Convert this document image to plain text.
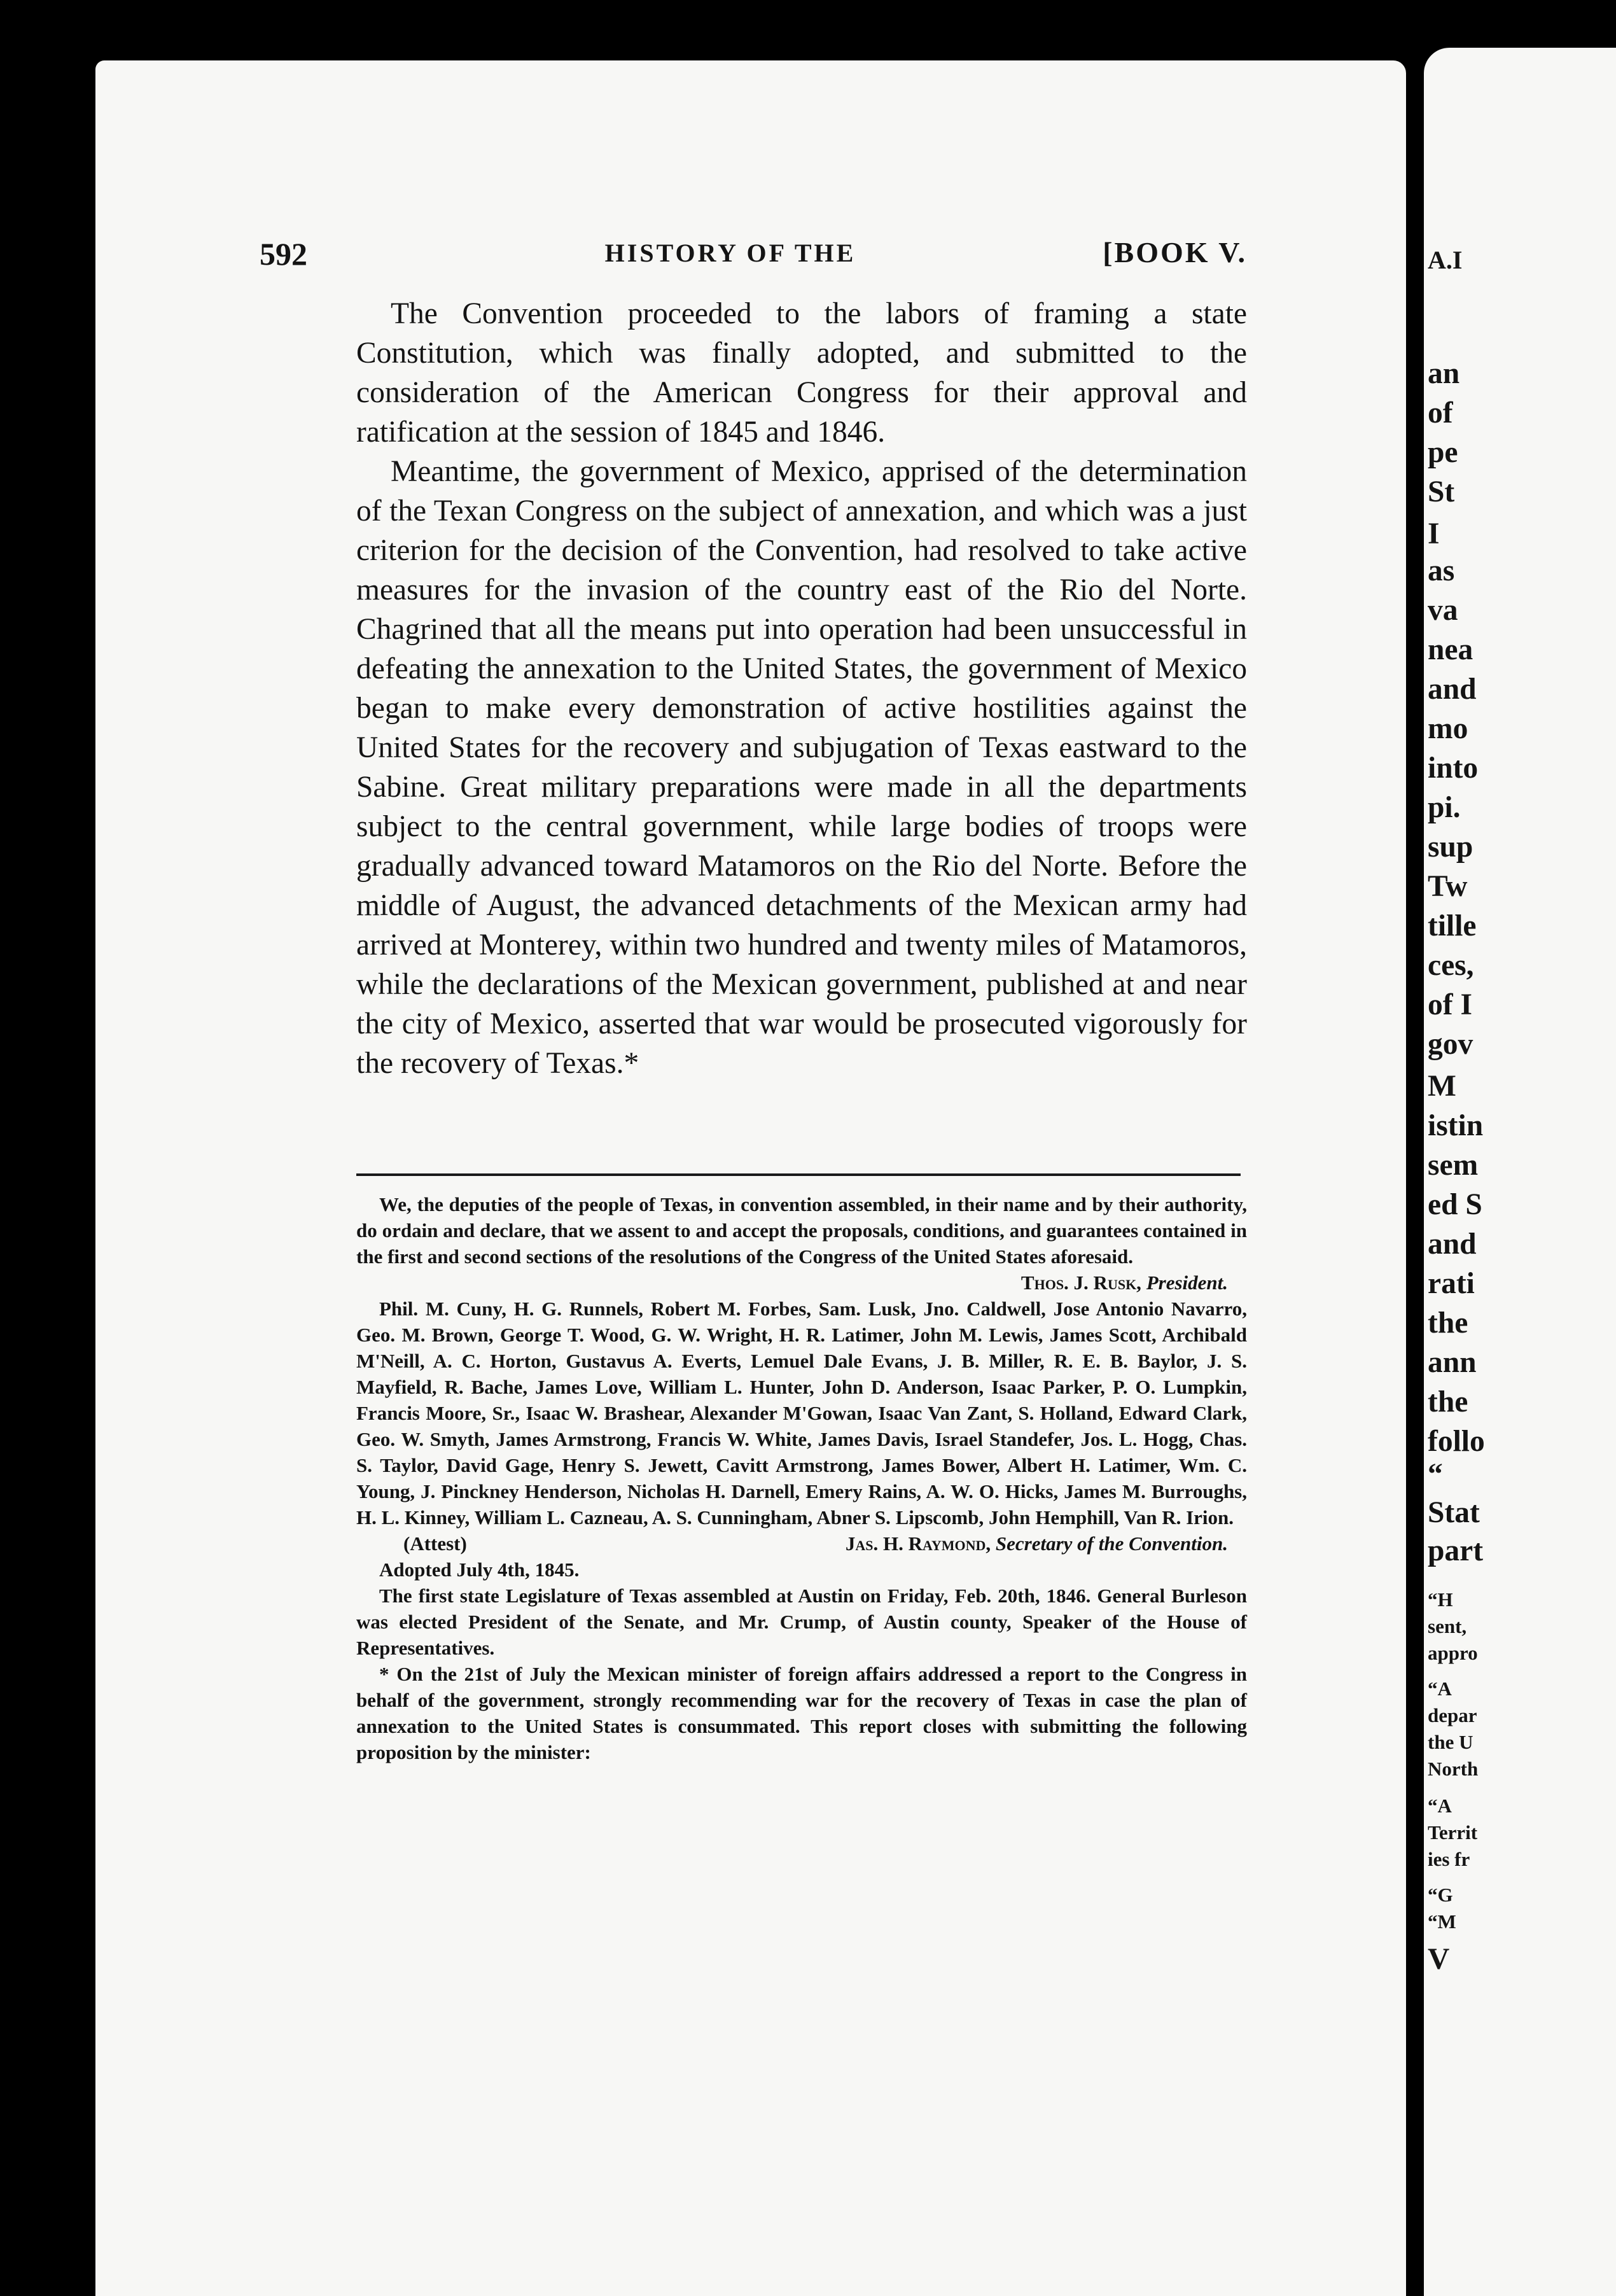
A.I
an
of
pe
St
I
as
va
nea
and
mo
into
pi.
sup
Tw
tille
ces,
of I
gov
M
istin
sem
ed S
and
rati
the
ann
the
follo
“
Stat
part
“H
sent,
appro
“A
depar
the U
North
“A
Territ
ies fr
“G
“M
V
592	HISTORY OF THE	[BOOK V.

The Convention proceeded to the labors of framing a state Constitution, which was finally adopted, and submitted to the consideration of the American Congress for their approval and ratification at the session of 1845 and 1846.

Meantime, the government of Mexico, apprised of the determination of the Texan Congress on the subject of annexation, and which was a just criterion for the decision of the Convention, had resolved to take active measures for the invasion of the country east of the Rio del Norte. Chagrined that all the means put into operation had been unsuccessful in defeating the annexation to the United States, the government of Mexico began to make every demonstration of active hostilities against the United States for the recovery and subjugation of Texas eastward to the Sabine. Great military preparations were made in all the departments subject to the central government, while large bodies of troops were gradually advanced toward Matamoros on the Rio del Norte. Before the middle of August, the advanced detachments of the Mexican army had arrived at Monterey, within two hundred and twenty miles of Matamoros, while the declarations of the Mexican government, published at and near the city of Mexico, asserted that war would be prosecuted vigorously for the recovery of Texas.*

We, the deputies of the people of Texas, in convention assembled, in their name and by their authority, do ordain and declare, that we assent to and accept the proposals, conditions, and guarantees contained in the first and second sections of the resolutions of the Congress of the United States aforesaid.

Thos. J. Rusk, President.

Phil. M. Cuny, H. G. Runnels, Robert M. Forbes, Sam. Lusk, Jno. Caldwell, Jose Antonio Navarro, Geo. M. Brown, George T. Wood, G. W. Wright, H. R. Latimer, John M. Lewis, James Scott, Archibald M'Neill, A. C. Horton, Gustavus A. Everts, Lemuel Dale Evans, J. B. Miller, R. E. B. Baylor, J. S. Mayfield, R. Bache, James Love, William L. Hunter, John D. Anderson, Isaac Parker, P. O. Lumpkin, Francis Moore, Sr., Isaac W. Brashear, Alexander M'Gowan, Isaac Van Zant, S. Holland, Edward Clark, Geo. W. Smyth, James Armstrong, Francis W. White, James Davis, Israel Standefer, Jos. L. Hogg, Chas. S. Taylor, David Gage, Henry S. Jewett, Cavitt Armstrong, James Bower, Albert H. Latimer, Wm. C. Young, J. Pinckney Henderson, Nicholas H. Darnell, Emery Rains, A. W. O. Hicks, James M. Burroughs, H. L. Kinney, William L. Cazneau, A. S. Cunningham, Abner S. Lipscomb, John Hemphill, Van R. Irion.

(Attest)	Jas. H. Raymond, Secretary of the Convention.

Adopted July 4th, 1845.

The first state Legislature of Texas assembled at Austin on Friday, Feb. 20th, 1846. General Burleson was elected President of the Senate, and Mr. Crump, of Austin county, Speaker of the House of Representatives.

* On the 21st of July the Mexican minister of foreign affairs addressed a report to the Congress in behalf of the government, strongly recommending war for the recovery of Texas in case the plan of annexation to the United States is consummated. This report closes with submitting the following proposition by the minister:
